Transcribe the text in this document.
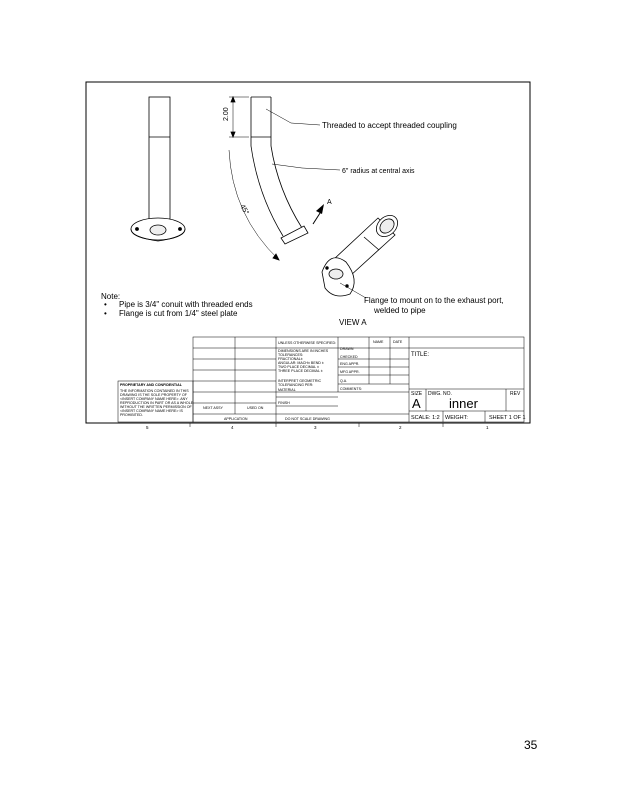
2.00
45°
Threaded to accept threaded coupling
6" radius at central axis
A
Flange to mount on to the exhaust port,
welded to pipe
VIEW A
Note:
• Pipe is 3/4" conuit with threaded ends
• Flange is cut from 1/4" steel plate
UNLESS OTHERWISE SPECIFIED:	NAME	DATE
DRAWN
CHECKED
ENG APPR.
MFG APPR.
Q.A.
COMMENTS:
DIMENSIONS ARE IN INCHES
TOLERANCES:
FRACTIONAL±
ANGULAR: MACH± BEND ±
TWO PLACE DECIMAL ±
THREE PLACE DECIMAL ±
INTERPRET GEOMETRIC
TOLERANCING PER:
MATERIAL
FINISH
DO NOT SCALE DRAWING
NEXT ASSY	USED ON
APPLICATION
PROPRIETARY AND CONFIDENTIAL
THE INFORMATION CONTAINED IN THIS
DRAWING IS THE SOLE PROPERTY OF
<INSERT COMPANY NAME HERE>. ANY
REPRODUCTION IN PART OR AS A WHOLE
WITHOUT THE WRITTEN PERMISSION OF
<INSERT COMPANY NAME HERE> IS
PROHIBITED.
TITLE:
SIZE
A
DWG. NO.
inner
REV
SCALE: 1:2 WEIGHT:	SHEET 1 OF 1
5	4	3	2	1
35
